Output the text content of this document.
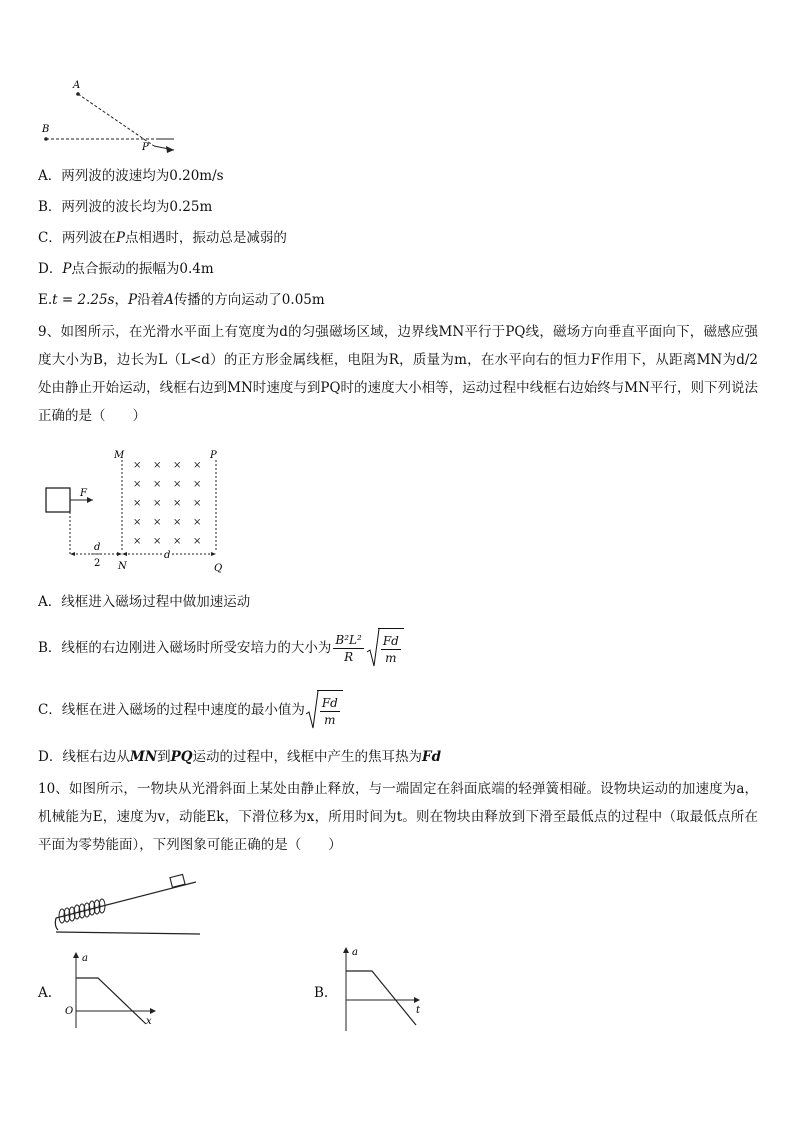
A
B
P
A．两列波的波速均为0.20m/s
B．两列波的波长均为0.25m
C．两列波在P点相遇时，振动总是减弱的
D．P点合振动的振幅为0.4m
E.t = 2.25s，P沿着A传播的方向运动了0.05m
9、如图所示，在光滑水平面上有宽度为d的匀强磁场区域，边界线MN平行于PQ线，磁场方向垂直平面向下，磁感应强度大小为B，边长为L（L<d）的正方形金属线框，电阻为R，质量为m，在水平向右的恒力F作用下，从距离MN为d/2处由静止开始运动，线框右边到MN时速度与到PQ时的速度大小相等，运动过程中线框右边始终与MN平行，则下列说法正确的是（　　）
F
M	P
N	Q
× × × ×
× × × ×
× × × ×
× × × ×
× × × ×
d
2
d
A．线框进入磁场过程中做加速运动
B．线框的右边刚进入磁场时所受安培力的大小为 $\frac{\text{B²L²}}{R} \frac{Fd}{m}$
C．线框在进入磁场的过程中速度的最小值为 $\frac{Fd}{m}$
D．线框右边从MN到PQ运动的过程中，线框中产生的焦耳热为Fd
10、如图所示，一物块从光滑斜面上某处由静止释放，与一端固定在斜面底端的轻弹簧相碰。设物块运动的加速度为a，机械能为E，速度为v，动能Ek，下滑位移为x，所用时间为t。则在物块由释放到下滑至最低点的过程中（取最低点所在平面为零势能面），下列图象可能正确的是（　　）
A.
a
x
O
B.
a
t
